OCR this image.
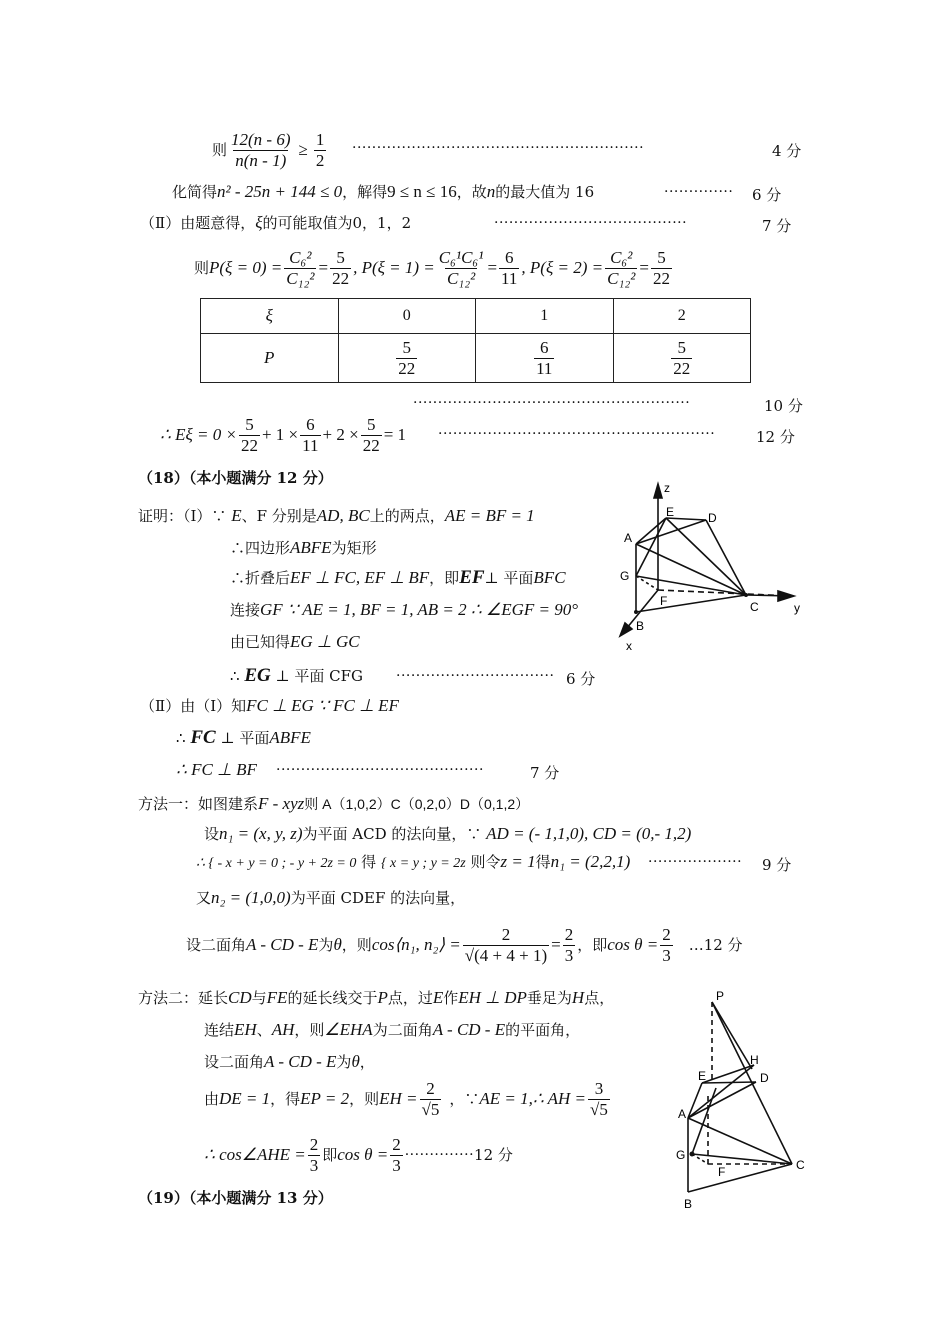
则 $\frac{12(n - 6)}{n(n - 1)} \ge \frac{1}{2}$ ···························································	4 分
化简得n² - 25n + 144 ≤ 0，解得9 ≤ n ≤ 16，故n的最大值为 16	·············· 6 分
（Ⅱ）由题意得，ξ的可能取值为0，1，2	·······································	7 分
则 $P(\xi = 0) = \frac{\text{C₆²}}{\text{C₁₂²}} = \frac{5}{22}$ , $P(\xi = 1) = \frac{\text{C₆¹C₆¹}}{\text{C₁₂²}} = \frac{6}{11}$ , $P(\xi = 2) = \frac{\text{C₆²}}{\text{C₁₂²}} = \frac{5}{22}$
ξ	0	1	2
P	$\frac{5}{22}$	$\frac{6}{11}$	$\frac{5}{22}$
························································	10 分
∴ $E\xi = 0 \times \frac{5}{22} + 1 \times \frac{6}{11} + 2 \times \frac{5}{22} = 1$ ························································	12 分
（18）（本小题满分 12 分）
证明：（Ⅰ）∵ E、F 分别是AD, BC上的两点，AE = BF = 1
∴四边形ABFE为矩形
∴折叠后EF ⊥ FC, EF ⊥ BF，即EF⊥ 平面BFC
连接GF ∵ AE = 1, BF = 1, AB = 2 ∴ ∠EGF = 90°
由已知得EG ⊥ GC
∴ EG ⊥ 平面 CFG ································ 6 分
（Ⅱ）由（Ⅰ）知FC ⊥ EG ∵ FC ⊥ EF
∴ FC ⊥ 平面ABFE
∴ FC ⊥ BF ··········································	7 分
方法一：如图建系F - xyz则 A（1,0,2）C（0,2,0）D（0,1,2）
设n₁ = (x, y, z)为平面 ACD 的法向量，∵ AD = (- 1,1,0), CD = (0,- 1,2)
∴ { - x + y = 0 ; - y + 2z = 0 得 { x = y ; y = 2z 则令z = 1得n₁ = (2,2,1) ··················· 9 分
又n₂ = (1,0,0)为平面 CDEF 的法向量，
设二面角 A - CD - E 为 θ ，则 cos⟨n₁, n₂⟩ = $\frac{2}{√(4 + 4 + 1)} = \frac{2}{3}$ ，即 $\cos \theta = \frac{2}{3}$ …12 分
方法二：延长CD与FE的延长线交于P点，过E作EH ⊥ DP垂足为H点，
连结EH、AH，则∠EHA为二面角A - CD - E的平面角，
设二面角A - CD - E为θ，
由 DE = 1 ，得 EP = 2 ，则 EH = $\frac{2}{√5}$ ，∵ AE = 1,∴ AH = $\frac{3}{√5}$
∴ cos∠AHE = $\frac{2}{3}$ 即 $\cos \theta = \frac{2}{3}$ ·············· 12 分
（19）（本小题满分 13 分）
z
y
x
A
B
C
D
E
F
G
P
H
E	D
A
G
F	C
B
